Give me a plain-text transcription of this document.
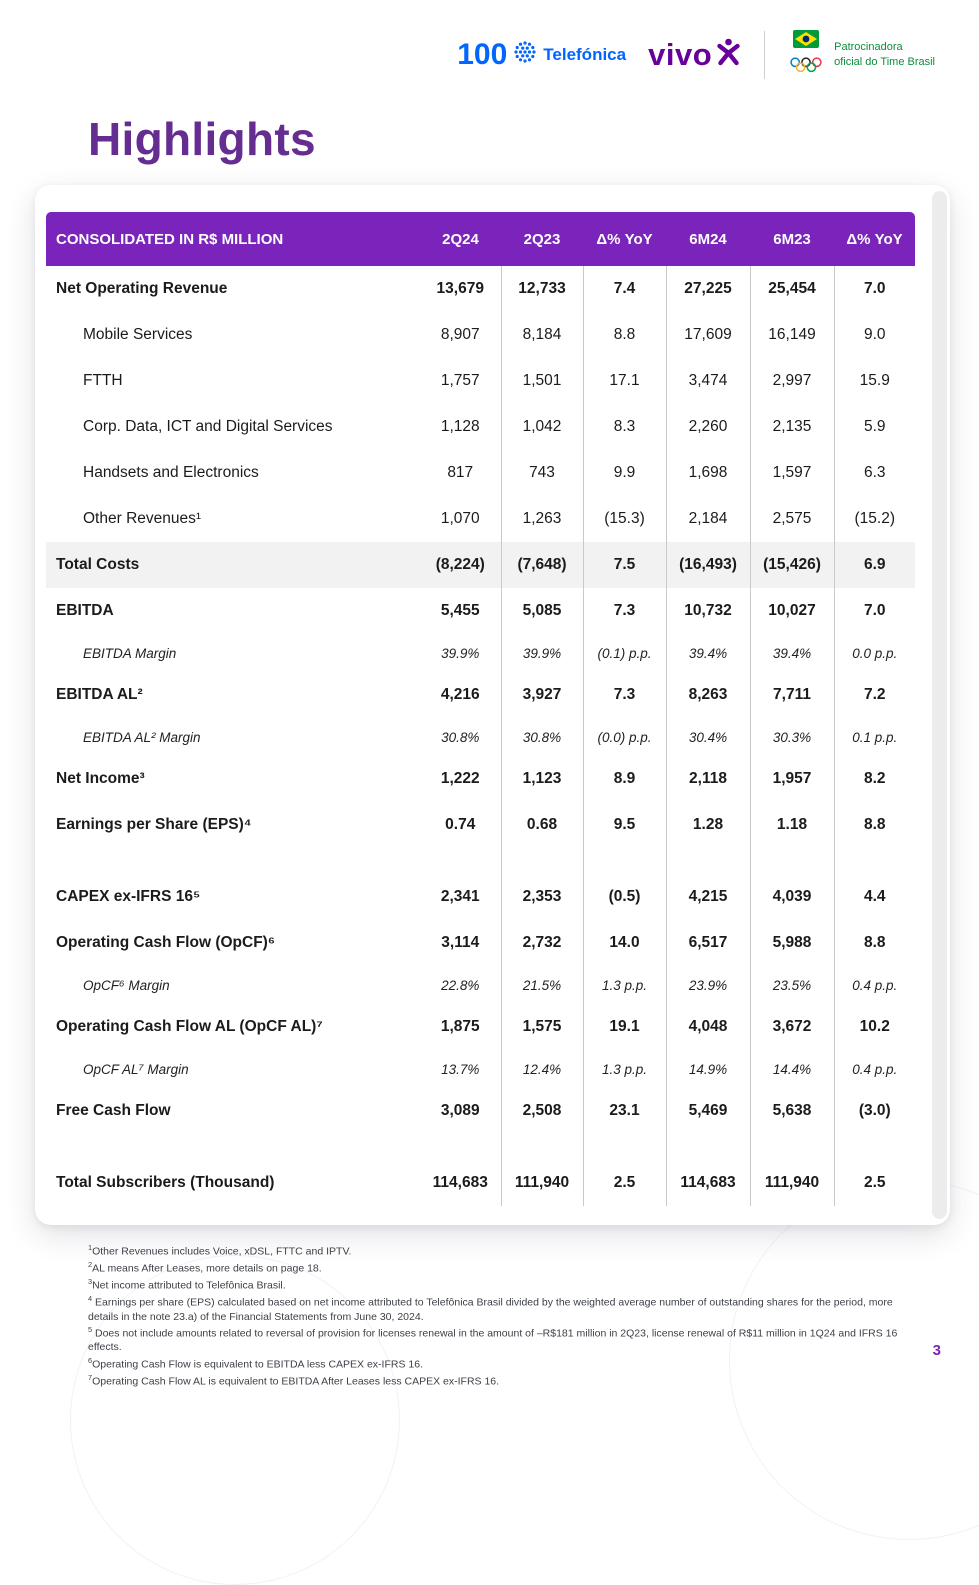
100 Telefónica vivo	Patrocinadora
oficial do Time Brasil
Highlights
CONSOLIDATED IN R$ MILLION	2Q24	2Q23	Δ% YoY	6M24	6M23	Δ% YoY
Net Operating Revenue	13,679	12,733	7.4	27,225	25,454	7.0
Mobile Services	8,907	8,184	8.8	17,609	16,149	9.0
FTTH	1,757	1,501	17.1	3,474	2,997	15.9
Corp. Data, ICT and Digital Services	1,128	1,042	8.3	2,260	2,135	5.9
Handsets and Electronics	817	743	9.9	1,698	1,597	6.3
Other Revenues¹	1,070	1,263	(15.3)	2,184	2,575	(15.2)
Total Costs	(8,224)	(7,648)	7.5	(16,493)	(15,426)	6.9
EBITDA	5,455	5,085	7.3	10,732	10,027	7.0
EBITDA Margin	39.9%	39.9%	(0.1) p.p.	39.4%	39.4%	0.0 p.p.
EBITDA AL²	4,216	3,927	7.3	8,263	7,711	7.2
EBITDA AL² Margin	30.8%	30.8%	(0.0) p.p.	30.4%	30.3%	0.1 p.p.
Net Income³	1,222	1,123	8.9	2,118	1,957	8.2
Earnings per Share (EPS)⁴	0.74	0.68	9.5	1.28	1.18	8.8

CAPEX ex-IFRS 16⁵	2,341	2,353	(0.5)	4,215	4,039	4.4
Operating Cash Flow (OpCF)⁶	3,114	2,732	14.0	6,517	5,988	8.8
OpCF⁶ Margin	22.8%	21.5%	1.3 p.p.	23.9%	23.5%	0.4 p.p.
Operating Cash Flow AL (OpCF AL)⁷	1,875	1,575	19.1	4,048	3,672	10.2
OpCF AL⁷ Margin	13.7%	12.4%	1.3 p.p.	14.9%	14.4%	0.4 p.p.
Free Cash Flow	3,089	2,508	23.1	5,469	5,638	(3.0)

Total Subscribers (Thousand)	114,683	111,940	2.5	114,683	111,940	2.5

$^1$Other Revenues includes Voice, xDSL, FTTC and IPTV.

$^2$AL means After Leases, more details on page 18.

$^3$Net income attributed to Telefônica Brasil.

$^4$ Earnings per share (EPS) calculated based on net income attributed to Telefônica Brasil divided by the weighted average number of outstanding shares for the period, more details in the note 23.a) of the Financial Statements from June 30, 2024.

$^5$ Does not include amounts related to reversal of provision for licenses renewal in the amount of –R$181 million in 2Q23, license renewal of R$11 million in 1Q24 and IFRS 16 effects.

$^6$Operating Cash Flow is equivalent to EBITDA less CAPEX ex-IFRS 16.

$^7$Operating Cash Flow AL is equivalent to EBITDA After Leases less CAPEX ex-IFRS 16.

3
